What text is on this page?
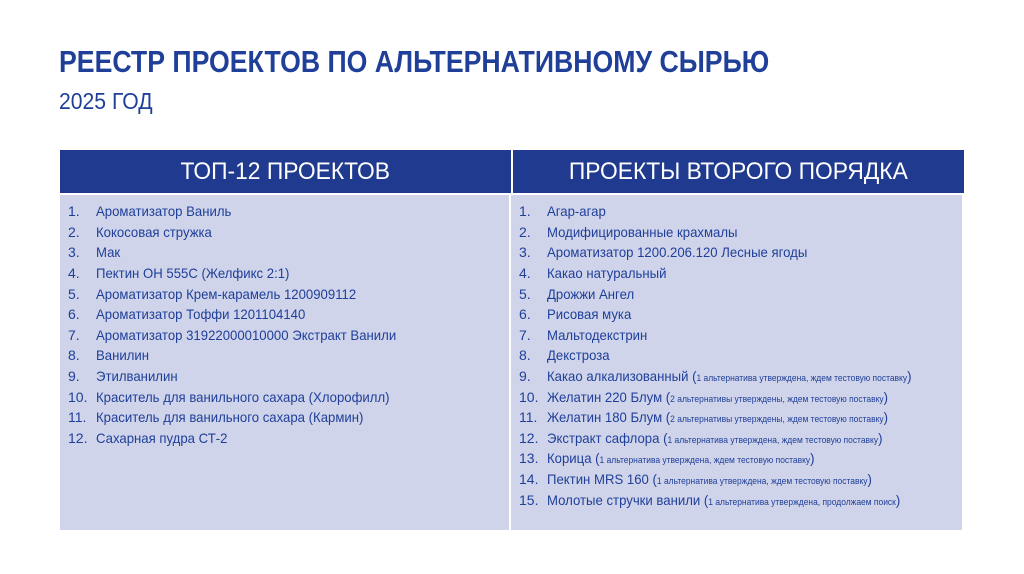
РЕЕСТР ПРОЕКТОВ ПО АЛЬТЕРНАТИВНОМУ СЫРЬЮ
2025 ГОД
ТОП-12 ПРОЕКТОВ	ПРОЕКТЫ ВТОРОГО ПОРЯДКА
1.	Ароматизатор Ваниль
2.	Кокосовая стружка
3.	Мак
4.	Пектин ОН 555С (Желфикс 2:1)
5.	Ароматизатор Крем-карамель 1200909112
6.	Ароматизатор Тоффи 1201104140
7.	Ароматизатор 31922000010000 Экстракт Ванили
8.	Ванилин
9.	Этилванилин
10. Краситель для ванильного сахара (Хлорофилл)
11. Краситель для ванильного сахара (Кармин)
12. Сахарная пудра СТ-2
1.	Агар-агар
2.	Модифицированные крахмалы
3.	Ароматизатор 1200.206.120 Лесные ягоды
4.	Какао натуральный
5.	Дрожжи Ангел
6.	Рисовая мука
7.	Мальтодекстрин
8.	Декстроза
9.	Какао алкализованный (1 альтернатива утверждена, ждем тестовую поставку)
10. Желатин 220 Блум (2 альтернативы утверждены, ждем тестовую поставку)
11. Желатин 180 Блум (2 альтернативы утверждены, ждем тестовую поставку)
12. Экстракт сафлора (1 альтернатива утверждена, ждем тестовую поставку)
13. Корица (1 альтернатива утверждена, ждем тестовую поставку)
14. Пектин MRS 160 (1 альтернатива утверждена, ждем тестовую поставку)
15. Молотые стручки ванили (1 альтернатива утверждена, продолжаем поиск)
